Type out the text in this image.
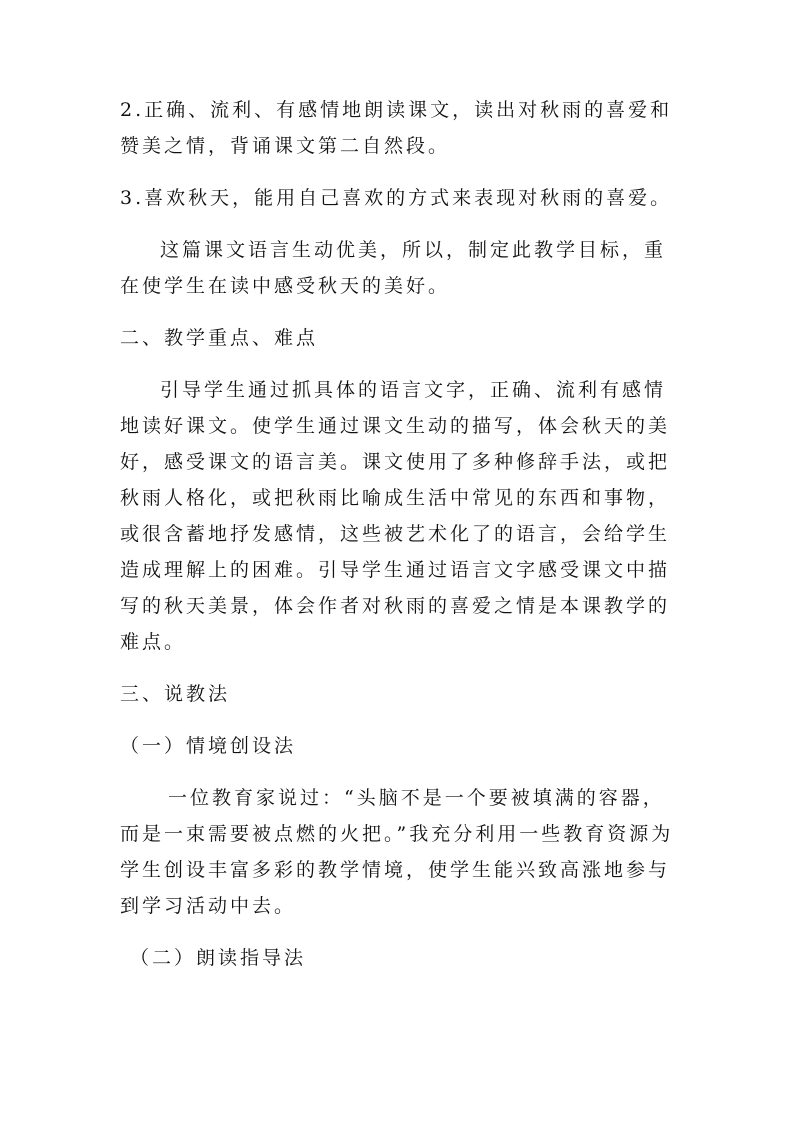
2.正确、流利、有感情地朗读课文，读出对秋雨的喜爱和赞美之情，背诵课文第二自然段。

3.喜欢秋天，能用自己喜欢的方式来表现对秋雨的喜爱。

这篇课文语言生动优美，所以，制定此教学目标，重在使学生在读中感受秋天的美好。

二、教学重点、难点

引导学生通过抓具体的语言文字，正确、流利有感情地读好课文。使学生通过课文生动的描写，体会秋天的美好，感受课文的语言美。课文使用了多种修辞手法，或把秋雨人格化，或把秋雨比喻成生活中常见的东西和事物，或很含蓄地抒发感情，这些被艺术化了的语言，会给学生造成理解上的困难。引导学生通过语言文字感受课文中描写的秋天美景，体会作者对秋雨的喜爱之情是本课教学的难点。

三、说教法

（一）情境创设法

一位教育家说过：“头脑不是一个要被填满的容器，而是一束需要被点燃的火把。”我充分利用一些教育资源为学生创设丰富多彩的教学情境，使学生能兴致高涨地参与到学习活动中去。

（二）朗读指导法
